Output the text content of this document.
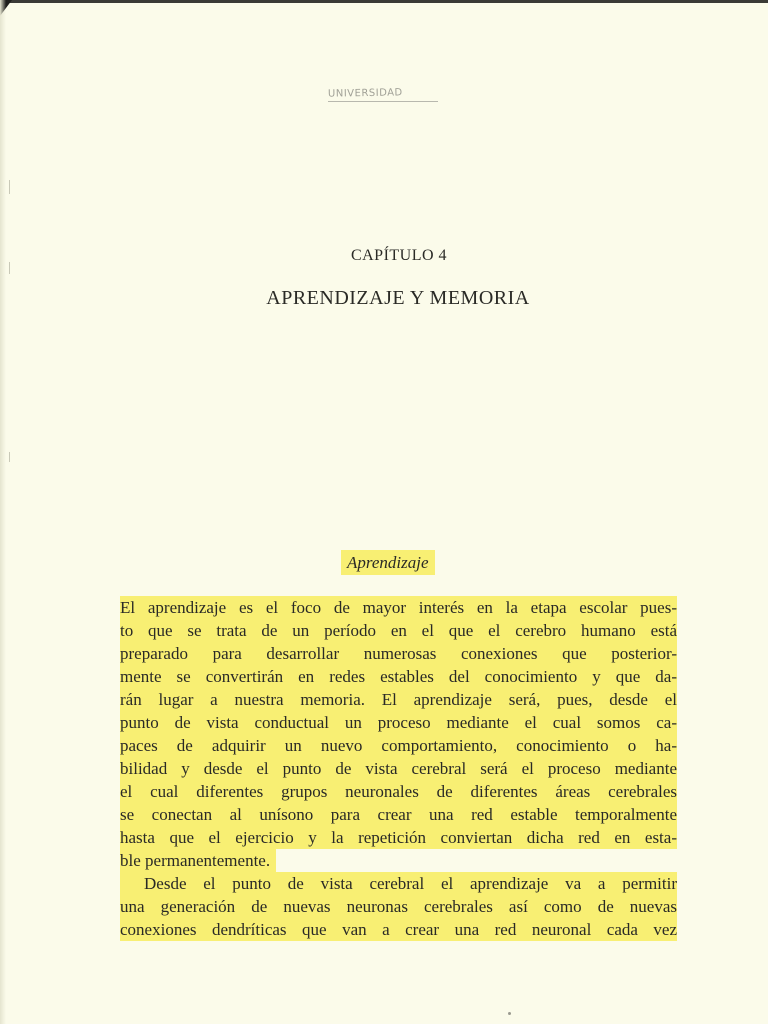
UNIVERSIDAD
CAPÍTULO 4
APRENDIZAJE Y MEMORIA
Aprendizaje
El aprendizaje es el foco de mayor interés en la etapa escolar pues-
to que se trata de un período en el que el cerebro humano está
preparado para desarrollar numerosas conexiones que posterior-
mente se convertirán en redes estables del conocimiento y que da-
rán lugar a nuestra memoria. El aprendizaje será, pues, desde el
punto de vista conductual un proceso mediante el cual somos ca-
paces de adquirir un nuevo comportamiento, conocimiento o ha-
bilidad y desde el punto de vista cerebral será el proceso mediante
el cual diferentes grupos neuronales de diferentes áreas cerebrales
se conectan al unísono para crear una red estable temporalmente
hasta que el ejercicio y la repetición conviertan dicha red en esta-
ble permanentemente.
Desde el punto de vista cerebral el aprendizaje va a permitir
una generación de nuevas neuronas cerebrales así como de nuevas
conexiones dendríticas que van a crear una red neuronal cada vez
